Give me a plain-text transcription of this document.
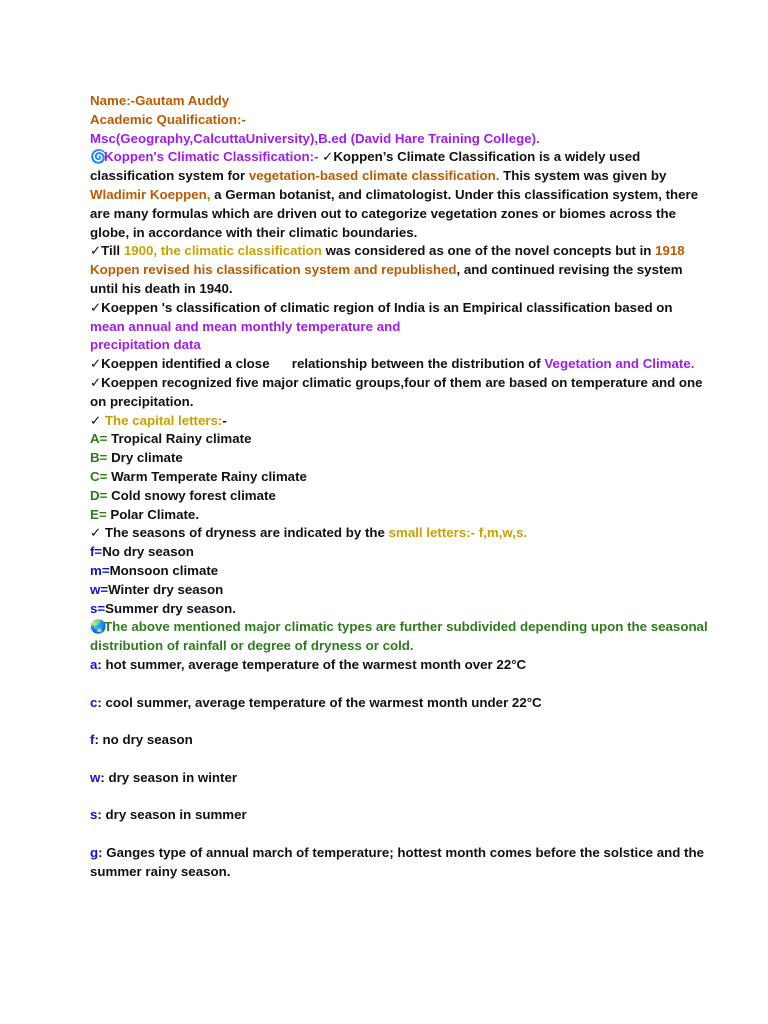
Name:-Gautam Auddy

Academic Qualification:-

Msc(Geography,CalcuttaUniversity),B.ed (David Hare Training College).

🌀Koppen's Climatic Classification:- ✓Koppen’s Climate Classification is a widely used classification system for vegetation-based climate classification. This system was given by Wladimir Koeppen, a German botanist, and climatologist. Under this classification system, there are many formulas which are driven out to categorize vegetation zones or biomes across the globe, in accordance with their climatic boundaries.

✓Till 1900, the climatic classification was considered as one of the novel concepts but in 1918 Koppen revised his classification system and republished, and continued revising the system until his death in 1940.

✓Koeppen 's classification of climatic region of India is an Empirical classification based on mean annual and mean monthly temperature and

precipitation data

✓Koeppen identified a close      relationship between the distribution of Vegetation and Climate.

✓Koeppen recognized five major climatic groups,four of them are based on temperature and one on precipitation.

✓ The capital letters:-

A= Tropical Rainy climate

B= Dry climate

C= Warm Temperate Rainy climate

D= Cold snowy forest climate

E= Polar Climate.

✓ The seasons of dryness are indicated by the small letters:- f,m,w,s.

f=No dry season

m=Monsoon climate

w=Winter dry season

s=Summer dry season.

🌏The above mentioned major climatic types are further subdivided depending upon the seasonal distribution of rainfall or degree of dryness or cold.

a: hot summer, average temperature of the warmest month over 22°C

c: cool summer, average temperature of the warmest month under 22°C

f: no dry season

w: dry season in winter

s: dry season in summer

g: Ganges type of annual march of temperature; hottest month comes before the solstice and the summer rainy season.
